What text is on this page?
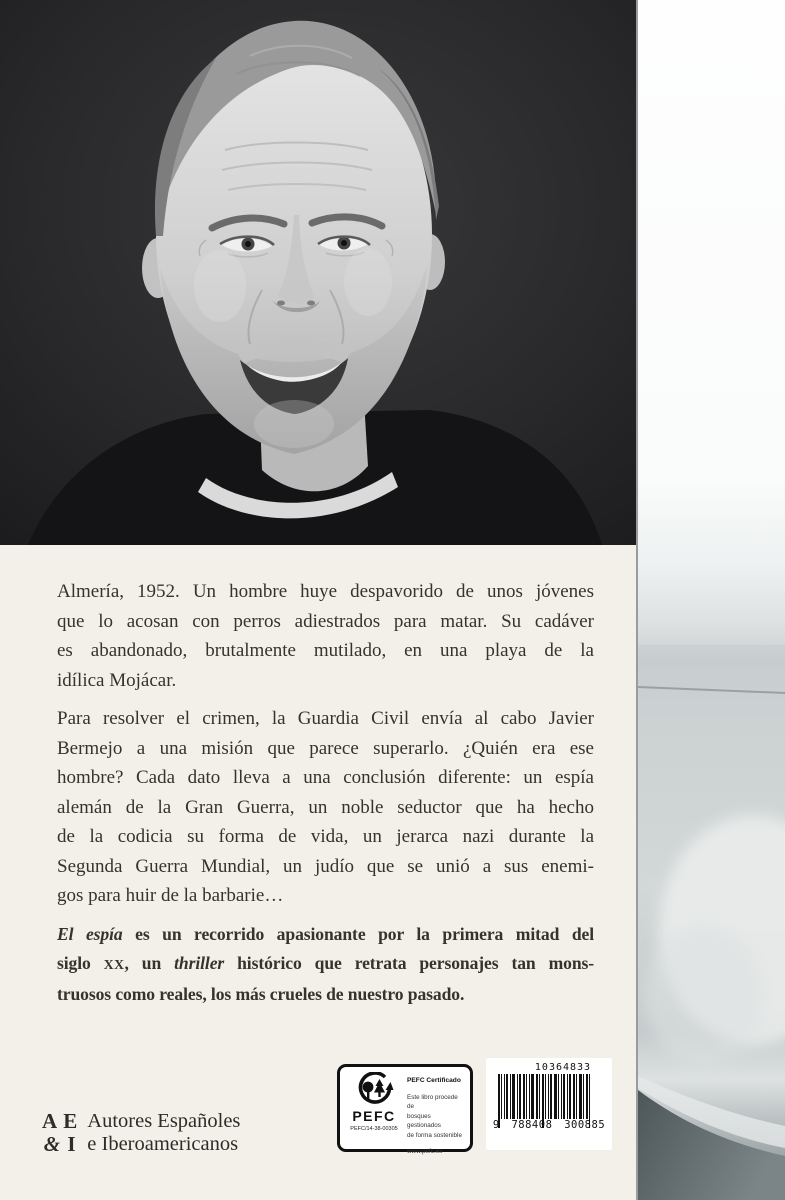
Almería, 1952. Un hombre huye despavorido de unos jóvenes
que lo acosan con perros adiestrados para matar. Su cadáver
es abandonado, brutalmente mutilado, en una playa de la
idílica Mojácar.

Para resolver el crimen, la Guardia Civil envía al cabo Javier
Bermejo a una misión que parece superarlo. ¿Quién era ese
hombre? Cada dato lleva a una conclusión diferente: un espía
alemán de la Gran Guerra, un noble seductor que ha hecho
de la codicia su forma de vida, un jerarca nazi durante la
Segunda Guerra Mundial, un judío que se unió a sus enemi-
gos para huir de la barbarie…

El espía es un recorrido apasionante por la primera mitad del
siglo XX, un thriller histórico que retrata personajes tan mons-
truosos como reales, los más crueles de nuestro pasado.

A E
& I
Autores Españoles
e Iberoamericanos
PEFC
PEFC/14-38-00305
PEFC Certificado
Este libro procede de
bosques gestionados
de forma sostenible
www.pefc.es
10364833
9 788408 300885
